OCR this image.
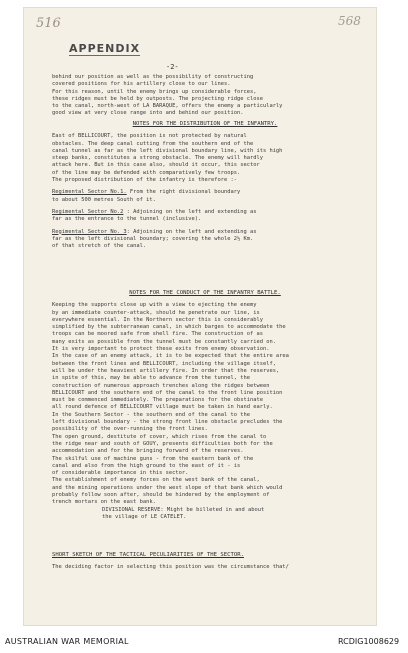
516	568
APPENDIX
-2-
behind our position as well as the possibility of constructing
covered positions for his artillery close to our lines.
For this reason, until the enemy brings up considerable forces,
these ridges must be held by outposts. The projecting ridge close
to the canal, north-west of LA BARAQUE, offers the enemy a particularly
good view at very close range into and behind our position.
NOTES FOR THE DISTRIBUTION OF THE INFANTRY.
East of BELLICOURT, the position is not protected by natural
obstacles. The deep canal cutting from the southern end of the
canal tunnel as far as the left divisional boundary line, with its high
steep banks, constitutes a strong obstacle. The enemy will hardly
attack here. But in this case also, should it occur, this sector
of the line may be defended with comparatively few troops.
The proposed distribution of the infantry is therefore :-
Regimental Sector No.1. From the right divisional boundary
to about 500 metres South of it.
Regimental Sector No.2 : Adjoining on the left and extending as
far as the entrance to the tunnel (inclusive).
Regimental Sector No. 3: Adjoining on the left and extending as
far as the left divisional boundary; covering the whole 2½ Km.
of that stretch of the canal.
NOTES FOR THE CONDUCT OF THE INFANTRY BATTLE.
Keeping the supports close up with a view to ejecting the enemy
by an immediate counter-attack, should he penetrate our line, is
everywhere essential. In the Northern sector this is considerably
simplified by the subterranean canal, in which barges to accommodate the
troops can be moored safe from shell fire. The construction of as
many exits as possible from the tunnel must be constantly carried on.
It is very important to protect these exits from enemy observation.
In the case of an enemy attack, it is to be expected that the entire area
between the front lines and BELLICOURT, including the village itself,
will be under the heaviest artillery fire. In order that the reserves,
in spite of this, may be able to advance from the tunnel, the
construction of numerous approach trenches along the ridges between
BELLICOURT and the southern end of the canal to the front line position
must be commenced immediately. The preparations for the obstinate
all round defence of BELLICOURT village must be taken in hand early.
In the Southern Sector - the southern end of the canal to the
left divisional boundary - the strong front line obstacle precludes the
possibility of the over-running the front lines.
The open ground, destitute of cover, which rises from the canal to
the ridge near and south of GOUY, presents difficulties both for the
accommodation and for the bringing forward of the reserves.
The skilful use of machine guns - from the eastern bank of the
canal and also from the high ground to the east of it - is
of considerable importance in this sector.
The establishment of enemy forces on the west bank of the canal,
and the mining operations under the west slope of that bank which would
probably follow soon after, should be hindered by the employment of
trench mortars on the east bank.
DIVISIONAL RESERVE: Might be billeted in and about
the village of LE CATELET.
SHORT SKETCH OF THE TACTICAL PECULIARITIES OF THE SECTOR.
The deciding factor in selecting this position was the circumstance that/
AUSTRALIAN WAR MEMORIAL	RCDIG1008629
